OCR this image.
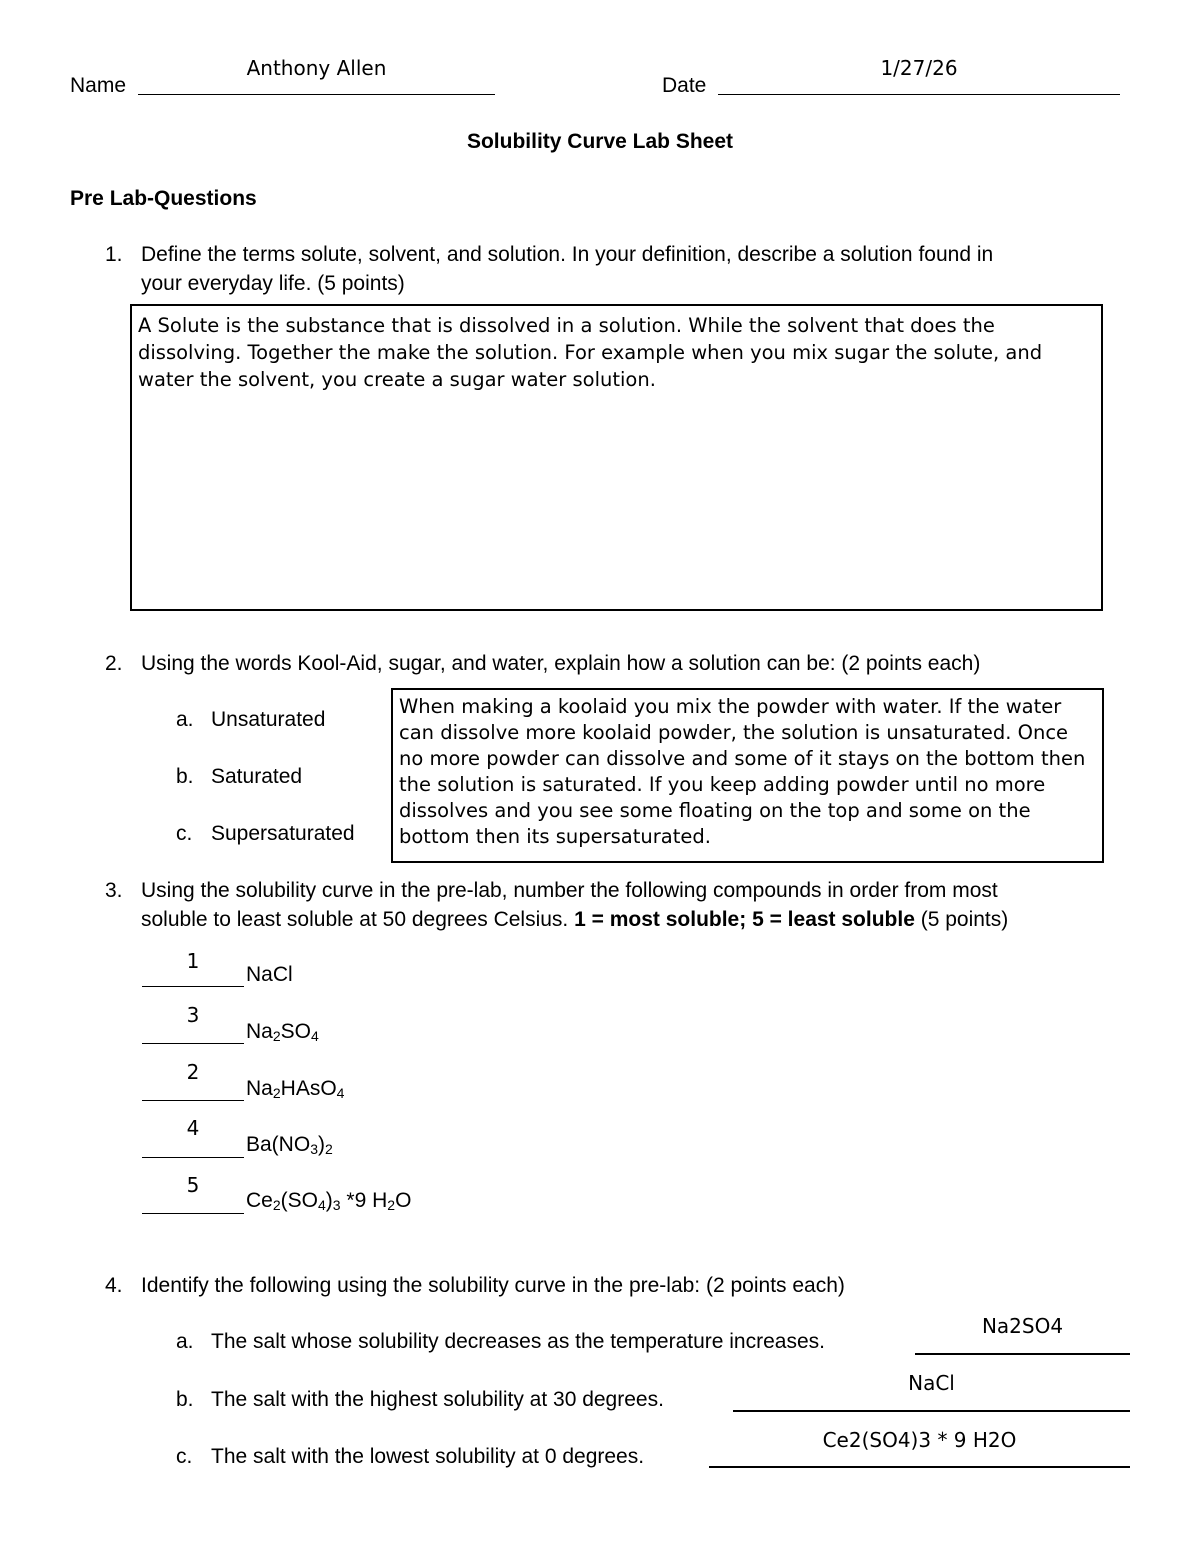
Name
Anthony Allen
Date
1/27/26
Solubility Curve Lab Sheet
Pre Lab-Questions
1. Define the terms solute, solvent, and solution. In your definition, describe a solution found in
your everyday life. (5 points)
A Solute is the substance that is dissolved in a solution. While the solvent that does the dissolving. Together the make the solution. For example when you mix sugar the solute, and water the solvent, you create a sugar water solution.
2. Using the words Kool-Aid, sugar, and water, explain how a solution can be: (2 points each)
a. Unsaturated
b. Saturated
c. Supersaturated
When making a koolaid you mix the powder with water. If the water can dissolve more koolaid powder, the solution is unsaturated. Once no more powder can dissolve and some of it stays on the bottom then the solution is saturated. If you keep adding powder until no more dissolves and you see some floating on the top and some on the bottom then its supersaturated.
3. Using the solubility curve in the pre-lab, number the following compounds in order from most
soluble to least soluble at 50 degrees Celsius. 1 = most soluble; 5 = least soluble (5 points)
1
NaCl
3
$Na_2SO_4$
2
$Na_2HAsO_4$
4
$Ba(NO_3)_2$
5
$Ce_2(SO_4)_3$ *9 $H_2O$
4. Identify the following using the solubility curve in the pre-lab: (2 points each)
a. The salt whose solubility decreases as the temperature increases.
Na2SO4
b. The salt with the highest solubility at 30 degrees.
NaCl
c. The salt with the lowest solubility at 0 degrees.
Ce2(SO4)3 * 9 H2O
